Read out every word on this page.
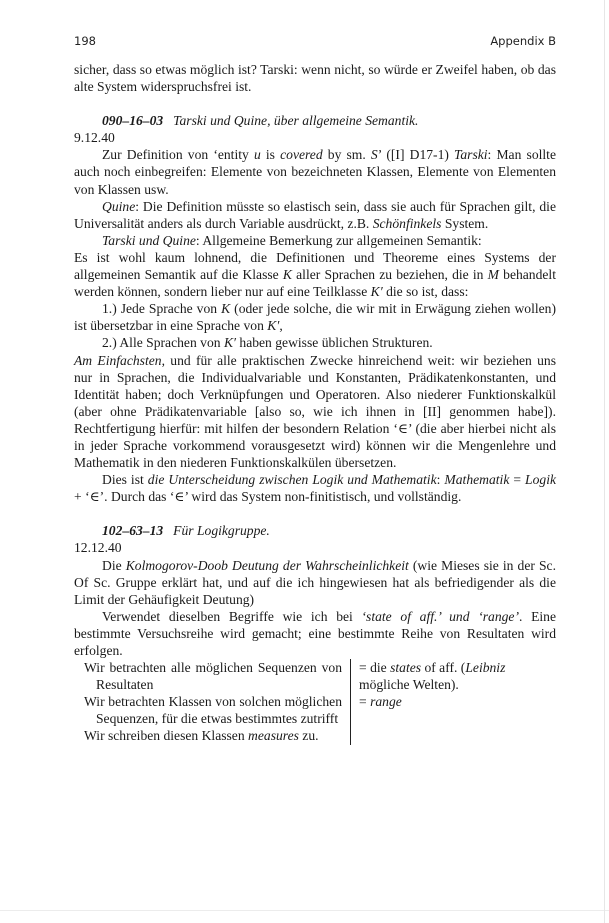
198	Appendix B

sicher, dass so etwas möglich ist? Tarski: wenn nicht, so würde er Zweifel haben, ob das alte System widerspruchsfrei ist.

090–16–03 Tarski und Quine, über allgemeine Semantik.

9.12.40

Zur Definition von ‘entity u is covered by sm. S’ ([I] D17-1) Tarski: Man sollte auch noch einbegreifen: Elemente von bezeichneten Klassen, Elemente von Elementen von Klassen usw.

Quine: Die Definition müsste so elastisch sein, dass sie auch für Sprachen gilt, die Universalität anders als durch Variable ausdrückt, z.B. Schönfinkels System.

Tarski und Quine: Allgemeine Bemerkung zur allgemeinen Semantik:

Es ist wohl kaum lohnend, die Definitionen und Theoreme eines Systems der allgemeinen Semantik auf die Klasse K aller Sprachen zu beziehen, die in M behandelt werden können, sondern lieber nur auf eine Teilklasse K′ die so ist, dass:

1.) Jede Sprache von K (oder jede solche, die wir mit in Erwägung ziehen wollen) ist übersetzbar in eine Sprache von K′,

2.) Alle Sprachen von K′ haben gewisse üblichen Strukturen.

Am Einfachsten, und für alle praktischen Zwecke hinreichend weit: wir beziehen uns nur in Sprachen, die Individualvariable und Konstanten, Prädikatenkonstanten, und Identität haben; doch Verknüpfungen und Operatoren. Also niederer Funktionskalkül (aber ohne Prädikatenvariable [also so, wie ich ihnen in [II] genommen habe]). Rechtfertigung hierfür: mit hilfen der besondern Relation ‘∈’ (die aber hierbei nicht als in jeder Sprache vorkommend vorausgesetzt wird) können wir die Mengenlehre und Mathematik in den niederen Funktionskalkülen übersetzen.

Dies ist die Unterscheidung zwischen Logik und Mathematik: Mathematik = Logik + ‘∈’. Durch das ‘∈’ wird das System non-finitistisch, und vollständig.

102–63–13 Für Logikgruppe.

12.12.40

Die Kolmogorov-Doob Deutung der Wahrscheinlichkeit (wie Mieses sie in der Sc. Of Sc. Gruppe erklärt hat, und auf die ich hingewiesen hat als befriedigender als die Limit der Gehäufigkeit Deutung)

Verwendet dieselben Begriffe wie ich bei ‘state of aff.’ und ‘range’. Eine bestimmte Versuchsreihe wird gemacht; eine bestimmte Reihe von Resultaten wird erfolgen.

Wir betrachten alle möglichen Sequenzen von Resultaten
Wir betrachten Klassen von solchen möglichen Sequenzen, für die etwas bestimmtes zutrifft
Wir schreiben diesen Klassen measures zu.

= die states of aff. (Leibniz mögliche Welten).
= range
